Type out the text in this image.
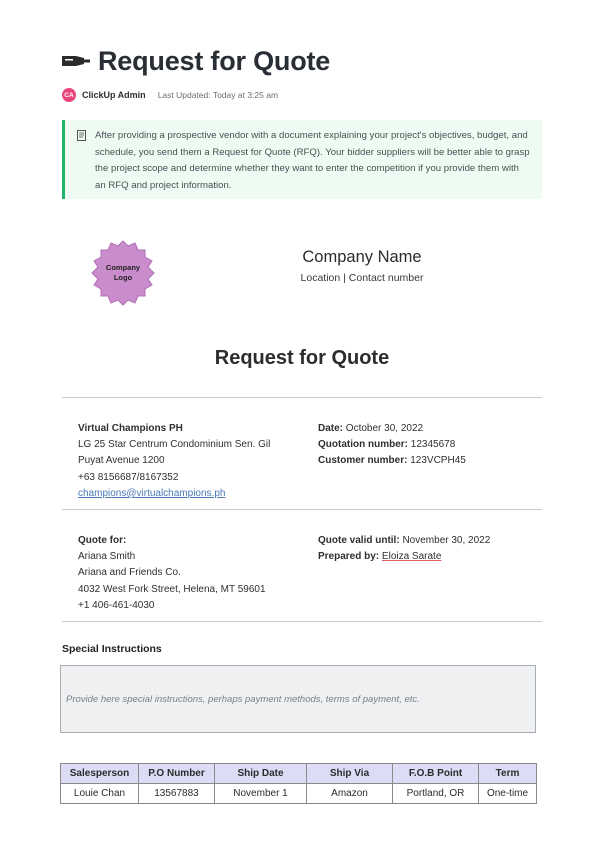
Request for Quote
CA ClickUp Admin Last Updated: Today at 3:25 am
After providing a prospective vendor with a document explaining your project's objectives, budget, and schedule, you send them a Request for Quote (RFQ). Your bidder suppliers will be better able to grasp the project scope and determine whether they want to enter the competition if you provide them with an RFQ and project information.
Company
Logo
Company Name
Location | Contact number
Request for Quote
Virtual Champions PH
LG 25 Star Centrum Condominium Sen. Gil
Puyat Avenue 1200
+63 8156687/8167352
champions@virtualchampions.ph
Date: October 30, 2022
Quotation number: 12345678
Customer number: 123VCPH45
Quote for:
Ariana Smith
Ariana and Friends Co.
4032 West Fork Street, Helena, MT 59601
+1 406-461-4030
Quote valid until: November 30, 2022
Prepared by: Eloiza Sarate
Special Instructions
Provide here special instructions, perhaps payment methods, terms of payment, etc.
Salesperson	P.O Number	Ship Date	Ship Via	F.O.B Point	Term
Louie Chan	13567883	November 1	Amazon	Portland, OR	One-time
